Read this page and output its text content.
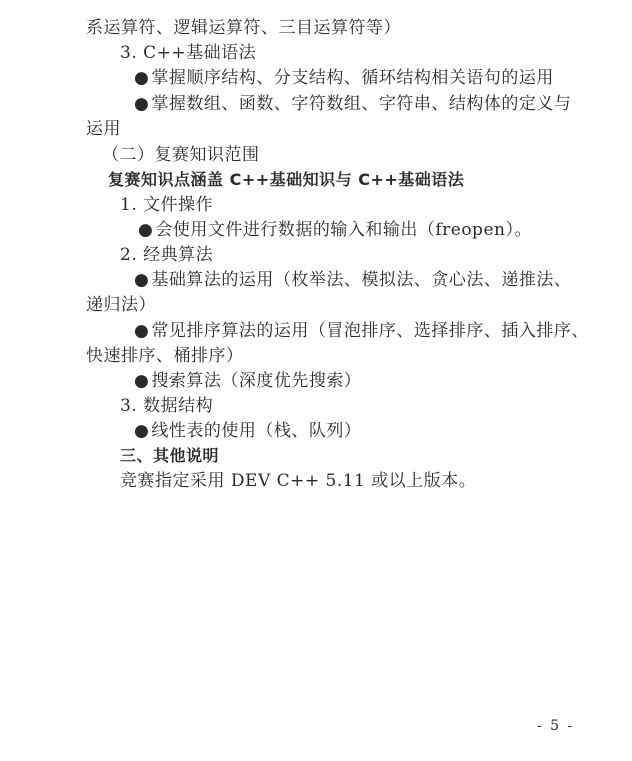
系运算符、逻辑运算符、三目运算符等）
3. C++基础语法
● 掌握顺序结构、分支结构、循环结构相关语句的运用
● 掌握数组、函数、字符数组、字符串、结构体的定义与
运用
（二）复赛知识范围
复赛知识点涵盖 C++基础知识与 C++基础语法
1. 文件操作
● 会使用文件进行数据的输入和输出（freopen）。
2. 经典算法
● 基础算法的运用（枚举法、模拟法、贪心法、递推法、
递归法）
● 常见排序算法的运用（冒泡排序、选择排序、插入排序、
快速排序、桶排序）
● 搜索算法（深度优先搜索）
3. 数据结构
● 线性表的使用（栈、队列）
三、其他说明
竞赛指定采用 DEV C++ 5.11 或以上版本。
- 5 -
